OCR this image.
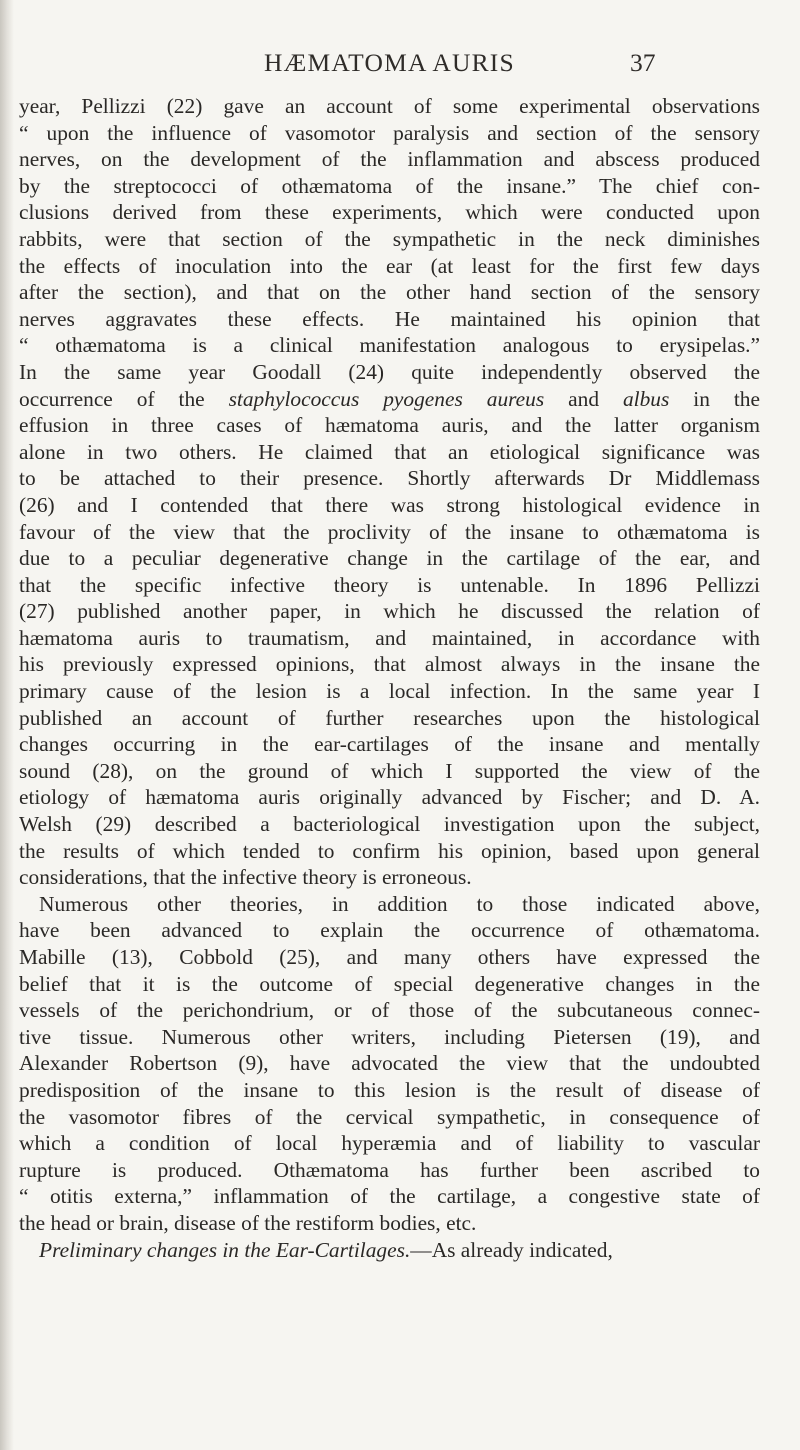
HÆMATOMA AURIS	37
year, Pellizzi (22) gave an account of some experimental observations
“ upon the influence of vasomotor paralysis and section of the sensory
nerves, on the development of the inflammation and abscess produced
by the streptococci of othæmatoma of the insane.” The chief con-
clusions derived from these experiments, which were conducted upon
rabbits, were that section of the sympathetic in the neck diminishes
the effects of inoculation into the ear (at least for the first few days
after the section), and that on the other hand section of the sensory
nerves aggravates these effects. He maintained his opinion that
“ othæmatoma is a clinical manifestation analogous to erysipelas.”
In the same year Goodall (24) quite independently observed the
occurrence of the staphylococcus pyogenes aureus and albus in the
effusion in three cases of hæmatoma auris, and the latter organism
alone in two others. He claimed that an etiological significance was
to be attached to their presence. Shortly afterwards Dr Middlemass
(26) and I contended that there was strong histological evidence in
favour of the view that the proclivity of the insane to othæmatoma is
due to a peculiar degenerative change in the cartilage of the ear, and
that the specific infective theory is untenable. In 1896 Pellizzi
(27) published another paper, in which he discussed the relation of
hæmatoma auris to traumatism, and maintained, in accordance with
his previously expressed opinions, that almost always in the insane the
primary cause of the lesion is a local infection. In the same year I
published an account of further researches upon the histological
changes occurring in the ear-cartilages of the insane and mentally
sound (28), on the ground of which I supported the view of the
etiology of hæmatoma auris originally advanced by Fischer; and D. A.
Welsh (29) described a bacteriological investigation upon the subject,
the results of which tended to confirm his opinion, based upon general
considerations, that the infective theory is erroneous.
Numerous other theories, in addition to those indicated above,
have been advanced to explain the occurrence of othæmatoma.
Mabille (13), Cobbold (25), and many others have expressed the
belief that it is the outcome of special degenerative changes in the
vessels of the perichondrium, or of those of the subcutaneous connec-
tive tissue. Numerous other writers, including Pietersen (19), and
Alexander Robertson (9), have advocated the view that the undoubted
predisposition of the insane to this lesion is the result of disease of
the vasomotor fibres of the cervical sympathetic, in consequence of
which a condition of local hyperæmia and of liability to vascular
rupture is produced. Othæmatoma has further been ascribed to
“ otitis externa,” inflammation of the cartilage, a congestive state of
the head or brain, disease of the restiform bodies, etc.
Preliminary changes in the Ear-Cartilages.—As already indicated,
